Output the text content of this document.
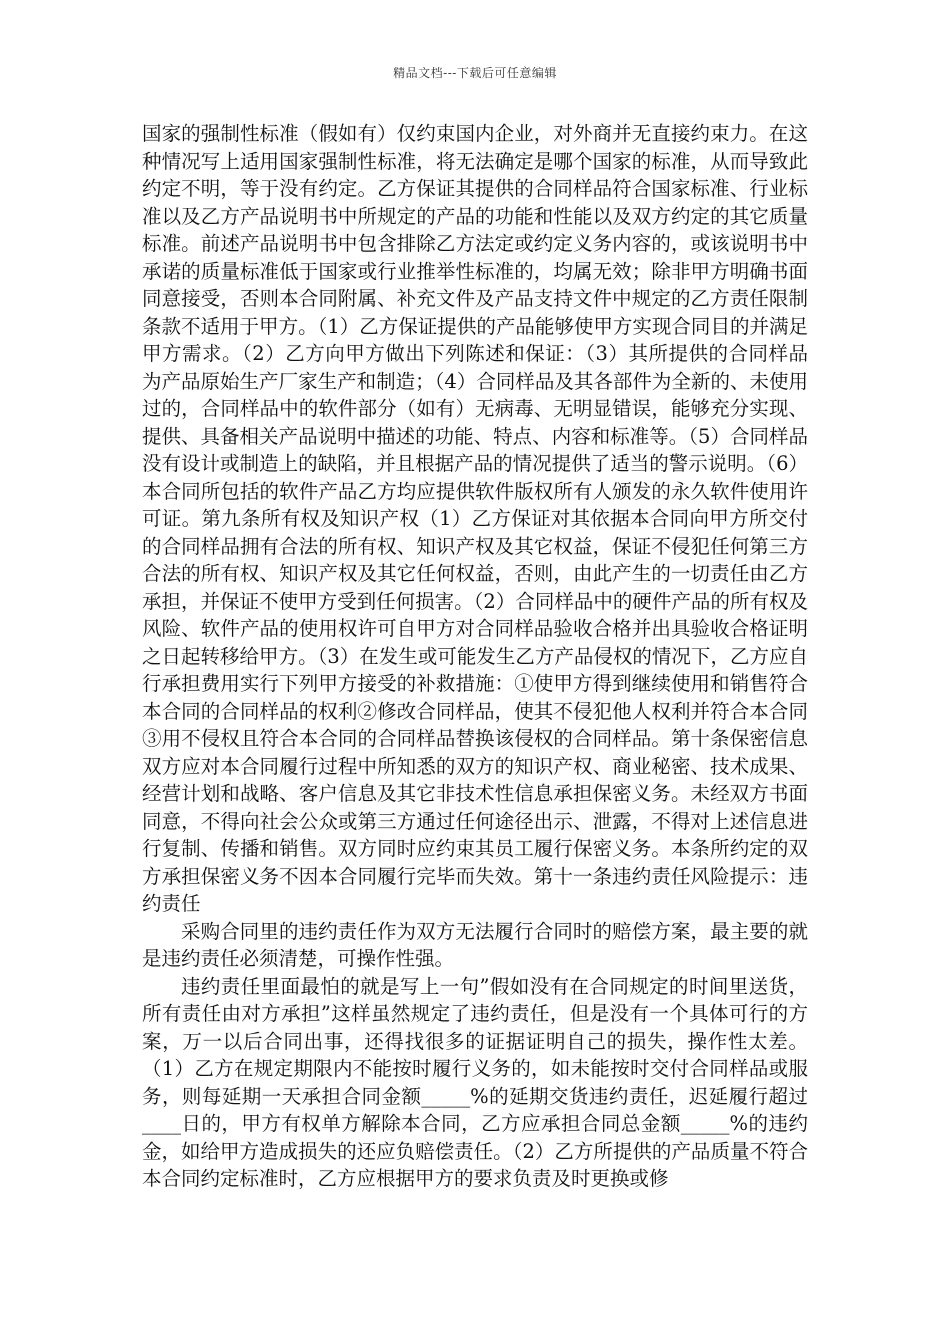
精品文档---下载后可任意编辑

国家的强制性标准（假如有）仅约束国内企业，对外商并无直接约束力。在这种情况写上适用国家强制性标准，将无法确定是哪个国家的标准，从而导致此约定不明，等于没有约定。乙方保证其提供的合同样品符合国家标准、行业标准以及乙方产品说明书中所规定的产品的功能和性能以及双方约定的其它质量标准。前述产品说明书中包含排除乙方法定或约定义务内容的，或该说明书中承诺的质量标准低于国家或行业推举性标准的，均属无效；除非甲方明确书面同意接受，否则本合同附属、补充文件及产品支持文件中规定的乙方责任限制条款不适用于甲方。（1）乙方保证提供的产品能够使甲方实现合同目的并满足甲方需求。（2）乙方向甲方做出下列陈述和保证：（3）其所提供的合同样品为产品原始生产厂家生产和制造；（4）合同样品及其各部件为全新的、未使用过的，合同样品中的软件部分（如有）无病毒、无明显错误，能够充分实现、提供、具备相关产品说明中描述的功能、特点、内容和标准等。（5）合同样品没有设计或制造上的缺陷，并且根据产品的情况提供了适当的警示说明。（6）本合同所包括的软件产品乙方均应提供软件版权所有人颁发的永久软件使用许可证。第九条所有权及知识产权（1）乙方保证对其依据本合同向甲方所交付的合同样品拥有合法的所有权、知识产权及其它权益，保证不侵犯任何第三方合法的所有权、知识产权及其它任何权益，否则，由此产生的一切责任由乙方承担，并保证不使甲方受到任何损害。（2）合同样品中的硬件产品的所有权及风险、软件产品的使用权许可自甲方对合同样品验收合格并出具验收合格证明之日起转移给甲方。（3）在发生或可能发生乙方产品侵权的情况下，乙方应自行承担费用实行下列甲方接受的补救措施：①使甲方得到继续使用和销售符合本合同的合同样品的权利②修改合同样品，使其不侵犯他人权利并符合本合同③用不侵权且符合本合同的合同样品替换该侵权的合同样品。第十条保密信息双方应对本合同履行过程中所知悉的双方的知识产权、商业秘密、技术成果、经营计划和战略、客户信息及其它非技术性信息承担保密义务。未经双方书面同意，不得向社会公众或第三方通过任何途径出示、泄露，不得对上述信息进行复制、传播和销售。双方同时应约束其员工履行保密义务。本条所约定的双方承担保密义务不因本合同履行完毕而失效。第十一条违约责任风险提示：违约责任

采购合同里的违约责任作为双方无法履行合同时的赔偿方案，最主要的就是违约责任必须清楚，可操作性强。

违约责任里面最怕的就是写上一句”假如没有在合同规定的时间里送货，所有责任由对方承担”这样虽然规定了违约责任，但是没有一个具体可行的方案，万一以后合同出事，还得找很多的证据证明自己的损失，操作性太差。（1）乙方在规定期限内不能按时履行义务的，如未能按时交付合同样品或服务，则每延期一天承担合同金额_____%的延期交货违约责任，迟延履行超过____日的，甲方有权单方解除本合同，乙方应承担合同总金额_____%的违约金，如给甲方造成损失的还应负赔偿责任。（2）乙方所提供的产品质量不符合本合同约定标准时，乙方应根据甲方的要求负责及时更换或修
